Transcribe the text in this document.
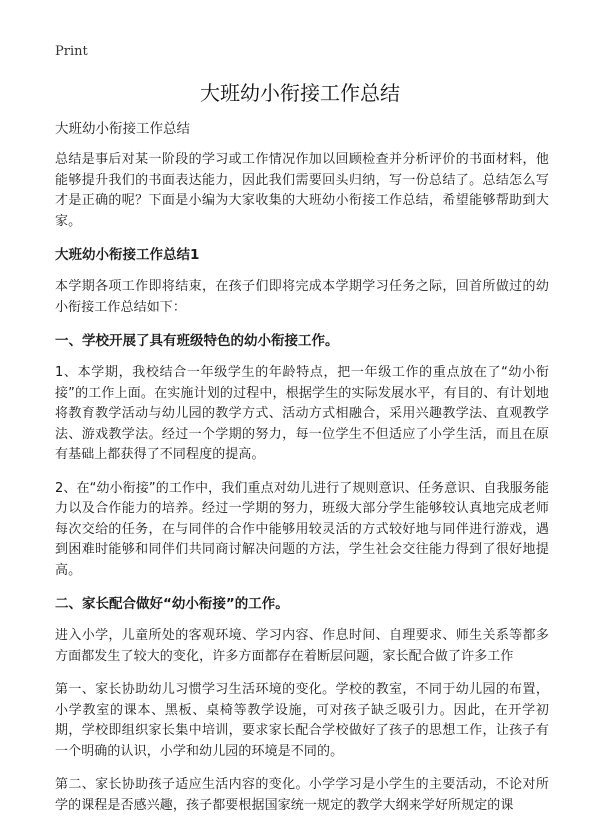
Print
大班幼小衔接工作总结

大班幼小衔接工作总结

总结是事后对某一阶段的学习或工作情况作加以回顾检查并分析评价的书面材料，他能够提升我们的书面表达能力，因此我们需要回头归纳，写一份总结了。总结怎么写才是正确的呢？下面是小编为大家收集的大班幼小衔接工作总结，希望能够帮助到大家。

大班幼小衔接工作总结1

本学期各项工作即将结束，在孩子们即将完成本学期学习任务之际，回首所做过的幼小衔接工作总结如下：

一、学校开展了具有班级特色的幼小衔接工作。

1、本学期，我校结合一年级学生的年龄特点，把一年级工作的重点放在了“幼小衔接”的工作上面。在实施计划的过程中，根据学生的实际发展水平，有目的、有计划地将教育教学活动与幼儿园的教学方式、活动方式相融合，采用兴趣教学法、直观教学法、游戏教学法。经过一个学期的努力，每一位学生不但适应了小学生活，而且在原有基础上都获得了不同程度的提高。

2、在“幼小衔接”的工作中，我们重点对幼儿进行了规则意识、任务意识、自我服务能力以及合作能力的培养。经过一学期的努力，班级大部分学生能够较认真地完成老师每次交给的任务，在与同伴的合作中能够用较灵活的方式较好地与同伴进行游戏，遇到困难时能够和同伴们共同商讨解决问题的方法，学生社会交往能力得到了很好地提高。

二、家长配合做好“幼小衔接”的工作。

进入小学，儿童所处的客观环境、学习内容、作息时间、自理要求、师生关系等都多方面都发生了较大的变化，许多方面都存在着断层问题，家长配合做了许多工作

第一、家长协助幼儿习惯学习生活环境的变化。学校的教室，不同于幼儿园的布置，小学教室的课本、黑板、桌椅等教学设施，可对孩子缺乏吸引力。因此，在开学初期，学校即组织家长集中培训，要求家长配合学校做好了孩子的思想工作，让孩子有一个明确的认识，小学和幼儿园的环境是不同的。

第二、家长协助孩子适应生活内容的变化。小学学习是小学生的主要活动，不论对所学的课程是否感兴趣，孩子都要根据国家统一规定的教学大纲来学好所规定的课
